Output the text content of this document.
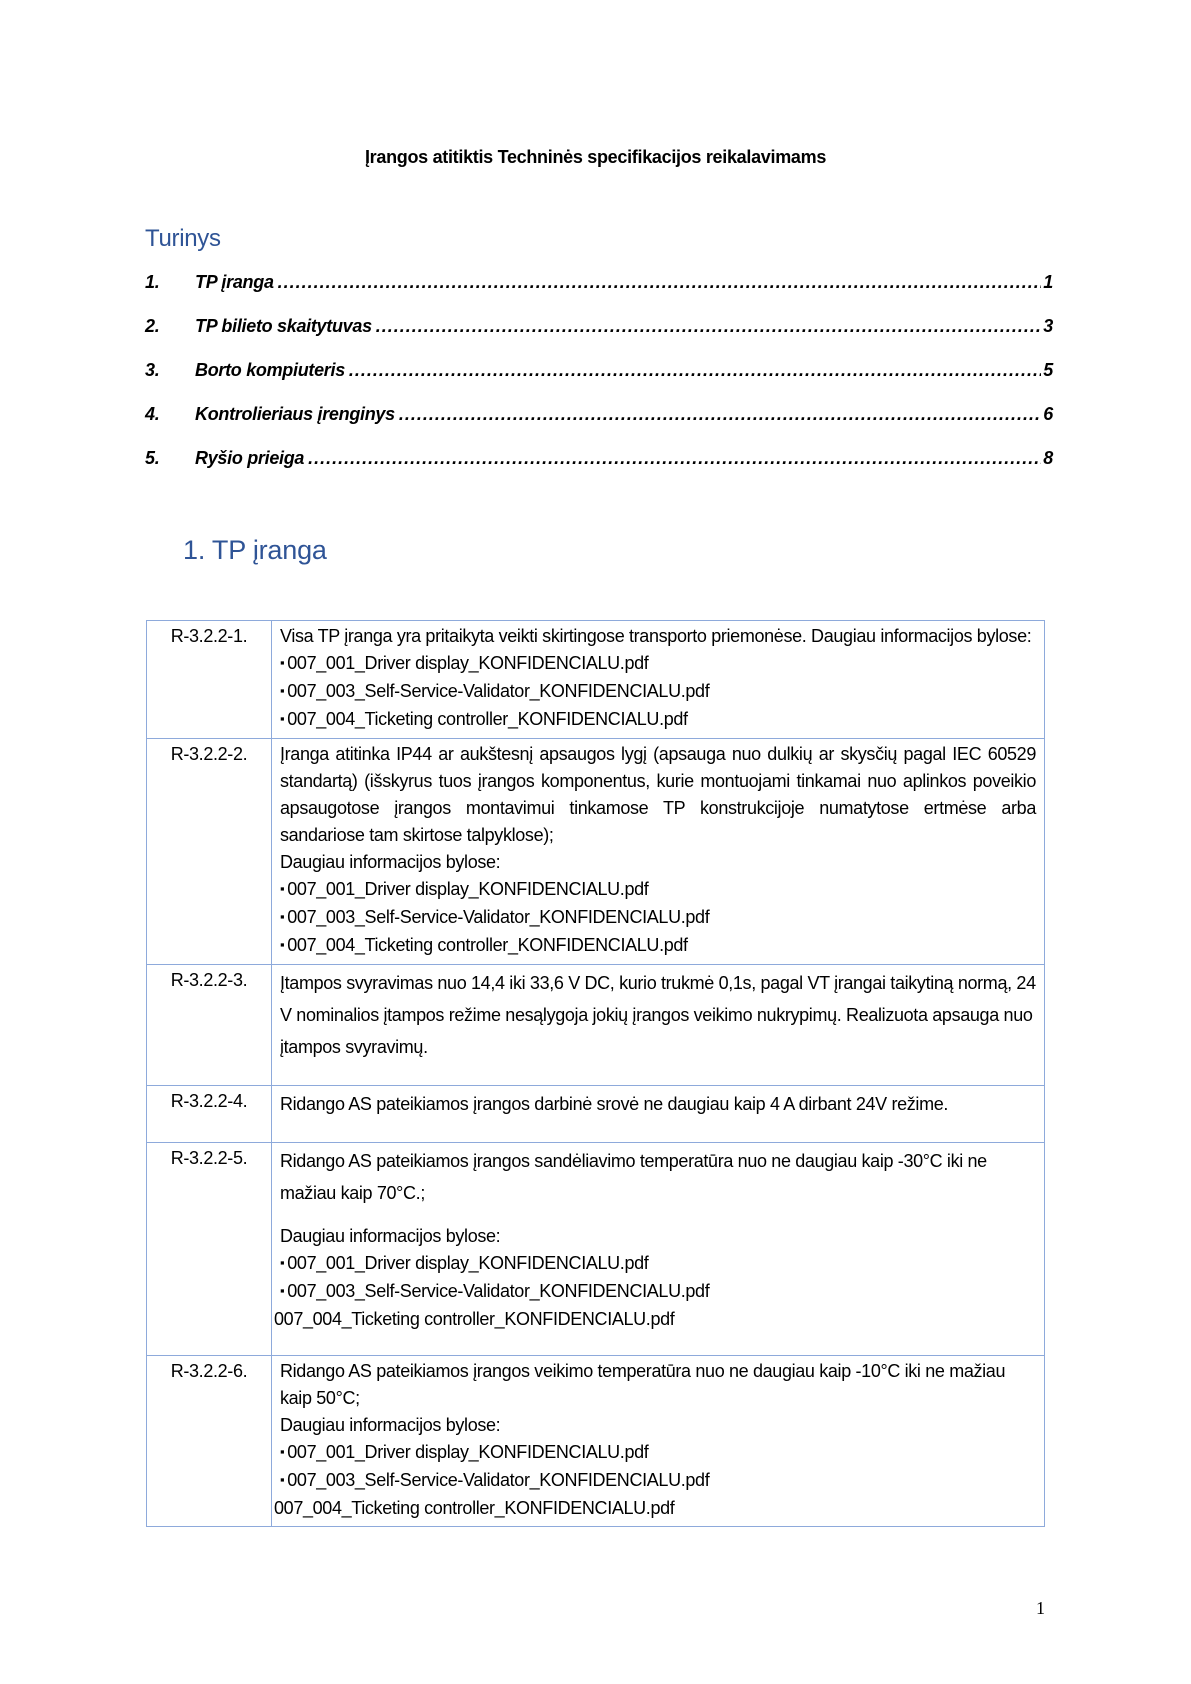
Įrangos atitiktis Techninės specifikacijos reikalavimams
Turinys
1.	TP įranga .....	1
2.	TP bilieto skaitytuvas .....	3
3.	Borto kompiuteris .....	5
4.	Kontrolieriaus įrenginys .....	6
5.	Ryšio prieiga .....	8
1. TP įranga
R-3.2.2-1.	Visa TP įranga yra pritaikyta veikti skirtingose transporto priemonėse. Daugiau informacijos bylose:

▪ 007_001_Driver display_KONFIDENCIALU.pdf
▪ 007_003_Self-Service-Validator_KONFIDENCIALU.pdf
▪ 007_004_Ticketing controller_KONFIDENCIALU.pdf

R-3.2.2-2.	Įranga atitinka IP44 ar aukštesnį apsaugos lygį (apsauga nuo dulkių ar skysčių pagal IEC 60529 standartą) (išskyrus tuos įrangos komponentus, kurie montuojami tinkamai nuo aplinkos poveikio apsaugotose įrangos montavimui tinkamose TP konstrukcijoje numatytose ertmėse arba sandariose tam skirtose talpyklose);

Daugiau informacijos bylose:

▪ 007_001_Driver display_KONFIDENCIALU.pdf
▪ 007_003_Self-Service-Validator_KONFIDENCIALU.pdf
▪ 007_004_Ticketing controller_KONFIDENCIALU.pdf

R-3.2.2-3.	Įtampos svyravimas nuo 14,4 iki 33,6 V DC, kurio trukmė 0,1s, pagal VT įrangai taikytiną normą, 24 V nominalios įtampos režime nesąlygoja jokių įrangos veikimo nukrypimų. Realizuota apsauga nuo įtampos svyravimų.

R-3.2.2-4.	Ridango AS pateikiamos įrangos darbinė srovė ne daugiau kaip 4 A dirbant 24V režime.

R-3.2.2-5.	Ridango AS pateikiamos įrangos sandėliavimo temperatūra nuo ne daugiau kaip -30°C iki ne mažiau kaip 70°C.;

Daugiau informacijos bylose:

▪ 007_001_Driver display_KONFIDENCIALU.pdf
▪ 007_003_Self-Service-Validator_KONFIDENCIALU.pdf
007_004_Ticketing controller_KONFIDENCIALU.pdf

R-3.2.2-6.	Ridango AS pateikiamos įrangos veikimo temperatūra nuo ne daugiau kaip -10°C iki ne mažiau kaip 50°C;

Daugiau informacijos bylose:

▪ 007_001_Driver display_KONFIDENCIALU.pdf
▪ 007_003_Self-Service-Validator_KONFIDENCIALU.pdf
007_004_Ticketing controller_KONFIDENCIALU.pdf
1
